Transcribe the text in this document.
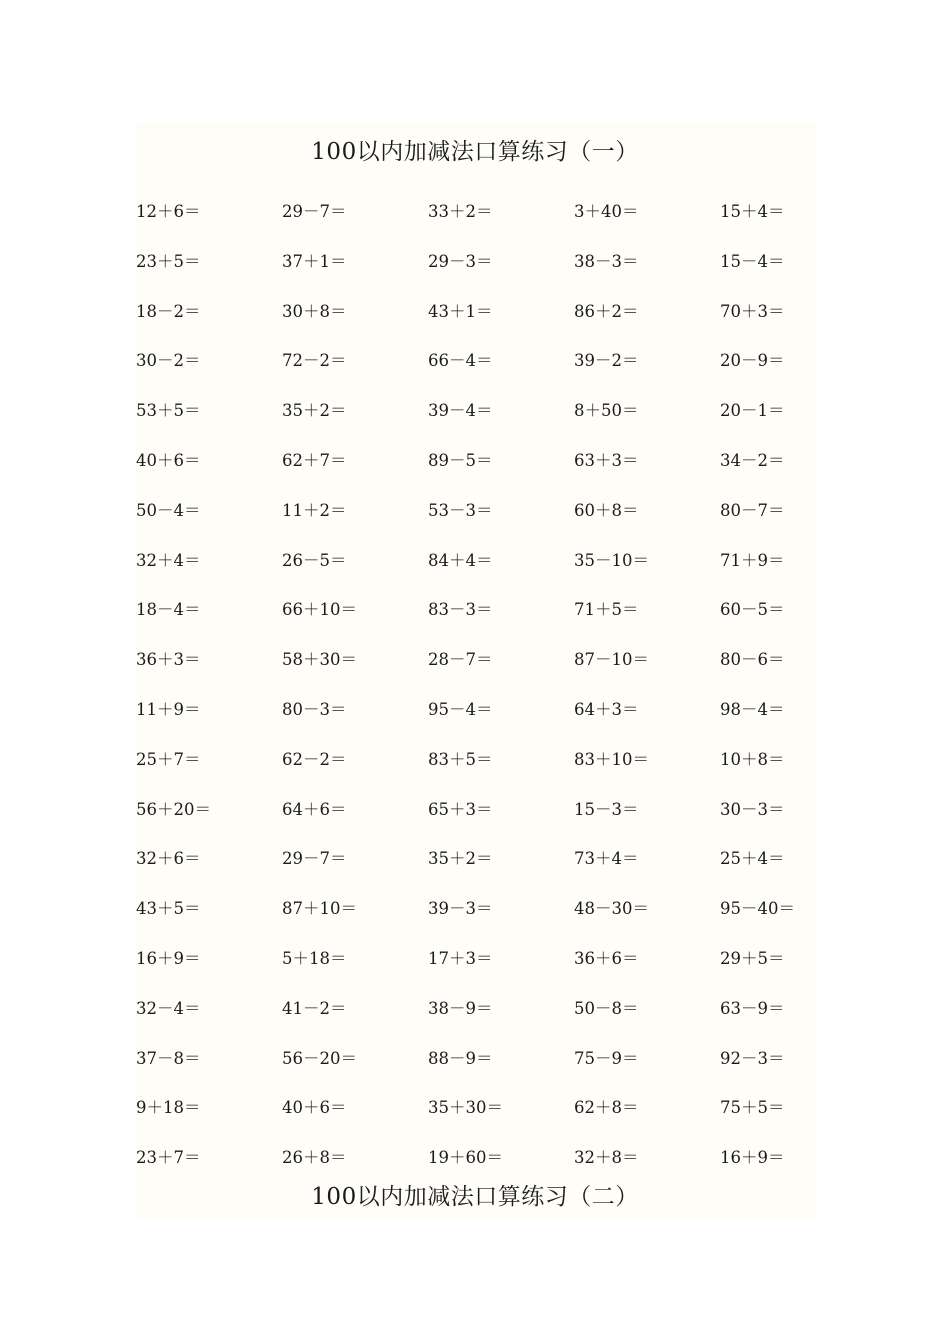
100以内加减法口算练习（一）
12＋6＝	29－7＝	33＋2＝	3＋40＝	15＋4＝
23＋5＝	37＋1＝	29－3＝	38－3＝	15－4＝
18－2＝	30＋8＝	43＋1＝	86＋2＝	70＋3＝
30－2＝	72－2＝	66－4＝	39－2＝	20－9＝
53＋5＝	35＋2＝	39－4＝	8＋50＝	20－1＝
40＋6＝	62＋7＝	89－5＝	63＋3＝	34－2＝
50－4＝	11＋2＝	53－3＝	60＋8＝	80－7＝
32＋4＝	26－5＝	84＋4＝	35－10＝	71＋9＝
18－4＝	66＋10＝	83－3＝	71＋5＝	60－5＝
36＋3＝	58＋30＝	28－7＝	87－10＝	80－6＝
11＋9＝	80－3＝	95－4＝	64＋3＝	98－4＝
25＋7＝	62－2＝	83＋5＝	83＋10＝	10＋8＝
56＋20＝	64＋6＝	65＋3＝	15－3＝	30－3＝
32＋6＝	29－7＝	35＋2＝	73＋4＝	25＋4＝
43＋5＝	87＋10＝	39－3＝	48－30＝	95－40＝
16＋9＝	5＋18＝	17＋3＝	36＋6＝	29＋5＝
32－4＝	41－2＝	38－9＝	50－8＝	63－9＝
37－8＝	56－20＝	88－9＝	75－9＝	92－3＝
9＋18＝	40＋6＝	35＋30＝	62＋8＝	75＋5＝
23＋7＝	26＋8＝	19＋60＝	32＋8＝	16＋9＝
100以内加减法口算练习（二）
